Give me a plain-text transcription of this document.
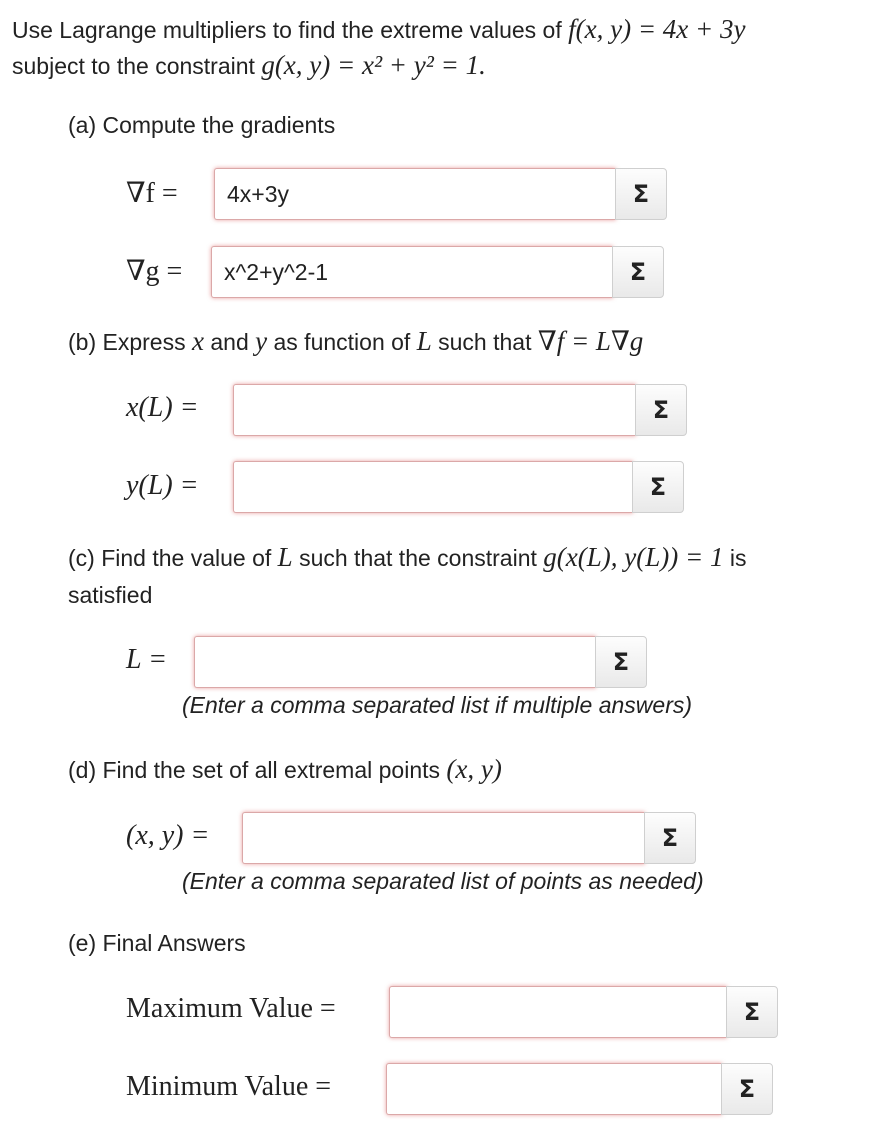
Use Lagrange multipliers to find the extreme values of f(x, y) = 4x + 3y
subject to the constraint g(x, y) = x² + y² = 1.
(a) Compute the gradients
∇f =	4x+3y	Σ
∇g =	x^2+y^2-1	Σ
(b) Express x and y as function of L such that ∇f = L∇g
x(L) =	Σ
y(L) =	Σ
(c) Find the value of L such that the constraint g(x(L), y(L)) = 1 is
satisfied
L =	Σ
(Enter a comma separated list if multiple answers)
(d) Find the set of all extremal points (x, y)
(x, y) =	Σ
(Enter a comma separated list of points as needed)
(e) Final Answers
Maximum Value =	Σ
Minimum Value =	Σ
